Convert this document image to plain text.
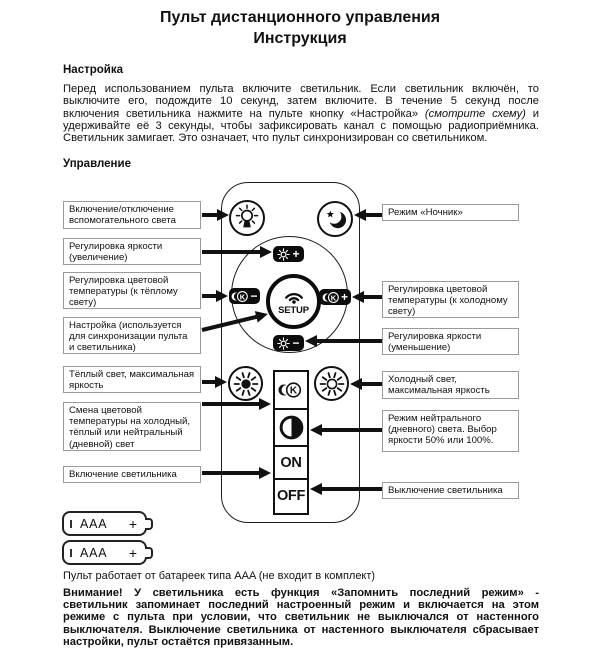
Пульт дистанционного управления
Инструкция
Настройка
Перед использованием пульта включите светильник. Если светильник включён, то выключите его, подождите 10 секунд, затем включите. В течение 5 секунд после включения светильника нажмите на пульте кнопку «Настройка» (смотрите схему) и удерживайте её 3 секунды, чтобы зафиксировать канал с помощью радиоприёмника. Светильник замигает. Это означает, что пульт синхронизирован со светильником.
Управление
+
K −	K +
−
SETUP
K
ON
OFF
Включение/отключение вспомогательного света
Регулировка яркости (увеличение)
Регулировка цветовой температуры (к тёплому свету)
Настройка (используется для синхронизации пульта и светильника)
Тёплый свет, максимальная яркость
Смена цветовой температуры на холодный, тёплый или нейтральный (дневной) свет
Включение светильника
Режим «Ночник»
Регулировка цветовой температуры (к холодному свету)
Регулировка яркости (уменьшение)
Холодный свет, максимальная яркость
Режим нейтрального (дневного) света. Выбор яркости 50% или 100%.
Выключение светильника
AAA +
AAA +
Пульт работает от батареек типа AAA (не входит в комплект)
Внимание! У светильника есть функция «Запомнить последний режим» - светильник запоминает последний настроенный режим и включается на этом режиме с пульта при условии, что светильник не выключался от настенного выключателя. Выключение светильника от настенного выключателя сбрасывает настройки, пульт остаётся привязанным.
